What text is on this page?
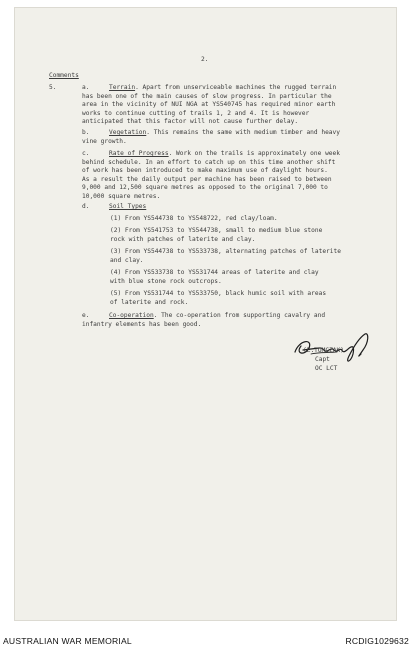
2.
Comments
5.	a.	Terrain. Apart from unserviceable machines the rugged terrain
has been one of the main causes of slow progress. In particular the
area in the vicinity of NUI NGA at YS540745 has required minor earth
works to continue cutting of trails 1, 2 and 4. It is however
anticipated that this factor will not cause further delay.
b.	Vegetation. This remains the same with medium timber and heavy
vine growth.
c.	Rate of Progress. Work on the trails is approximately one week
behind schedule. In an effort to catch up on this time another shift
of work has been introduced to make maximum use of daylight hours.
As a result the daily output per machine has been raised to between
9,000 and 12,500 square metres as opposed to the original 7,000 to
10,000 square metres.
d.	Soil Types
(1) From YS544738 to YS548722, red clay/loam.
(2) From YS541753 to YS544738, small to medium blue stone
rock with patches of laterite and clay.
(3) From YS544738 to YS533738, alternating patches of laterite
and clay.
(4) From YS533738 to YS531744 areas of laterite and clay
with blue stone rock outcrops.
(5) From YS531744 to YS533750, black humic soil with areas
of laterite and rock.
e.	Co-operation. The co-operation from supporting cavalry and
infantry elements has been good.
(E.TOMCZAK)
Capt
OC LCT
AUSTRALIAN WAR MEMORIAL	RCDIG1029632
